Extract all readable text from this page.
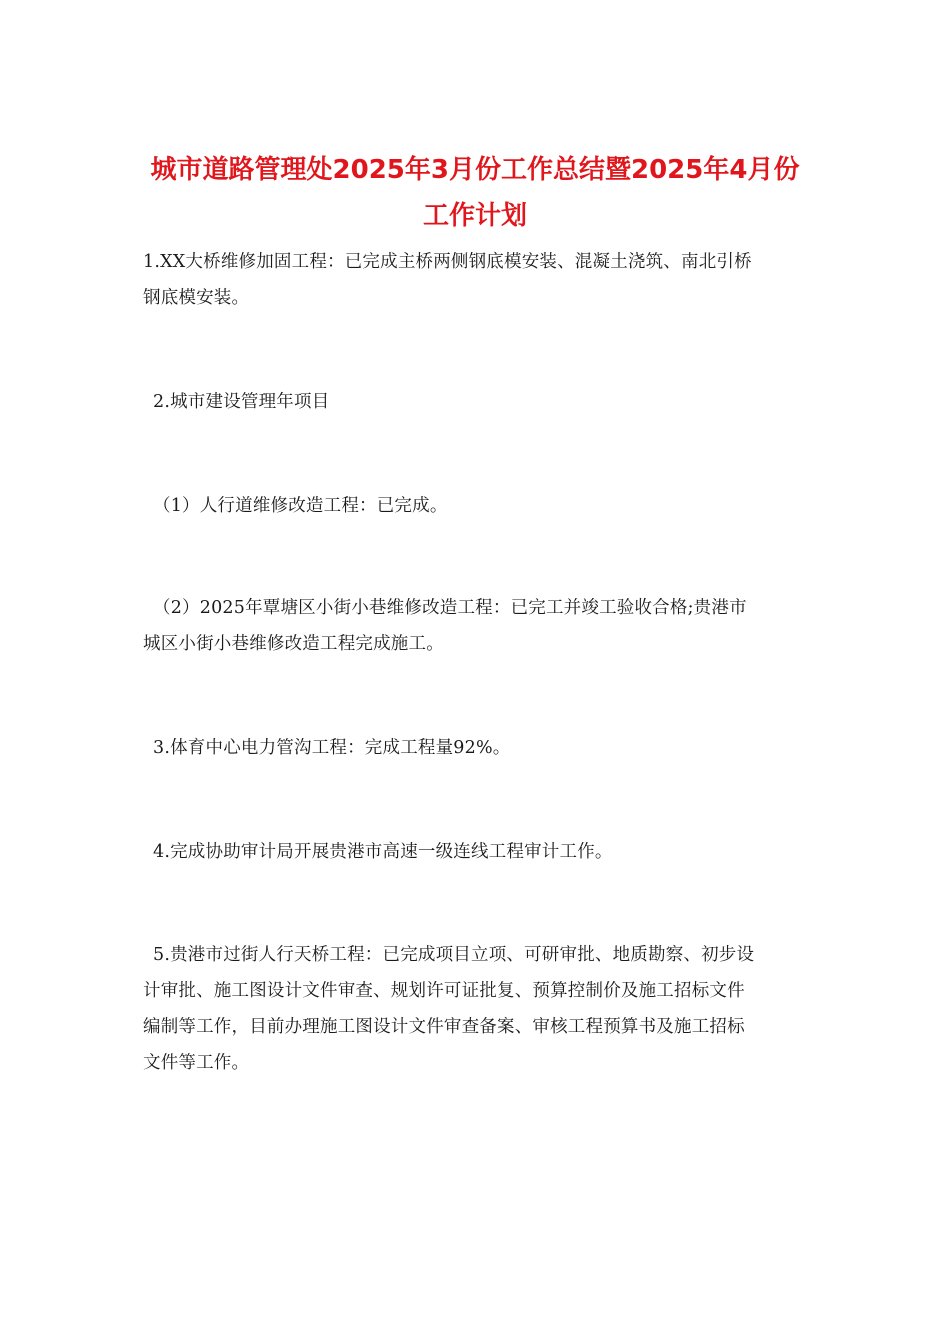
城市道路管理处2025年3月份工作总结暨2025年4月份
工作计划

1.XX大桥维修加固工程：已完成主桥两侧钢底模安装、混凝土浇筑、南北引桥
钢底模安装。

2.城市建设管理年项目

（1）人行道维修改造工程：已完成。

（2）2025年覃塘区小街小巷维修改造工程：已完工并竣工验收合格;贵港市
城区小街小巷维修改造工程完成施工。

3.体育中心电力管沟工程：完成工程量92%。

4.完成协助审计局开展贵港市高速一级连线工程审计工作。

5.贵港市过街人行天桥工程：已完成项目立项、可研审批、地质勘察、初步设
计审批、施工图设计文件审查、规划许可证批复、预算控制价及施工招标文件
编制等工作，目前办理施工图设计文件审查备案、审核工程预算书及施工招标
文件等工作。
